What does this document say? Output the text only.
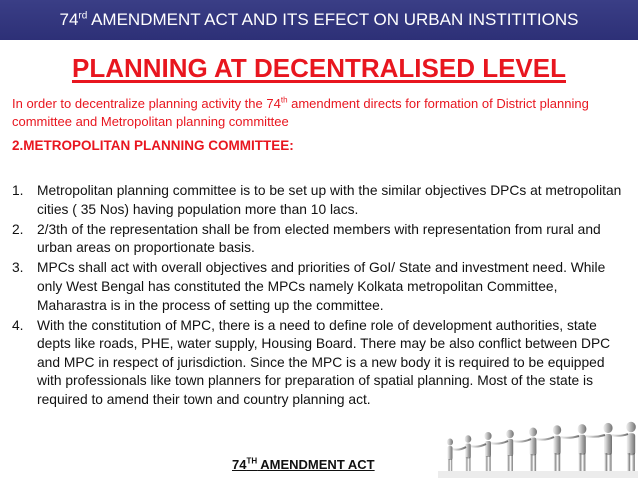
74rd AMENDMENT ACT AND ITS EFECT ON URBAN INSTITITIONS
PLANNING AT DECENTRALISED LEVEL
In order to decentralize planning activity the 74th amendment directs for formation of District planning committee and Metropolitan planning committee
2.METROPOLITAN PLANNING COMMITTEE:
1. Metropolitan planning committee is to be set up with the similar objectives DPCs at metropolitan cities ( 35 Nos) having population more than 10 lacs.
2. 2/3th of the representation shall be from elected members with representation from rural and urban areas on proportionate basis.
3. MPCs shall act with overall objectives and priorities of GoI/ State and investment need. While only West Bengal has constituted the MPCs namely Kolkata metropolitan Committee, Maharastra is in the process of setting up the committee.
4. With the constitution of MPC, there is a need to define role of development authorities, state depts like roads, PHE, water supply, Housing Board. There may be also conflict between DPC and MPC in respect of jurisdiction. Since the MPC is a new body it is required to be equipped with professionals like town planners for preparation of spatial planning. Most of the state is required to amend their town and country planning act.
74TH AMENDMENT ACT
